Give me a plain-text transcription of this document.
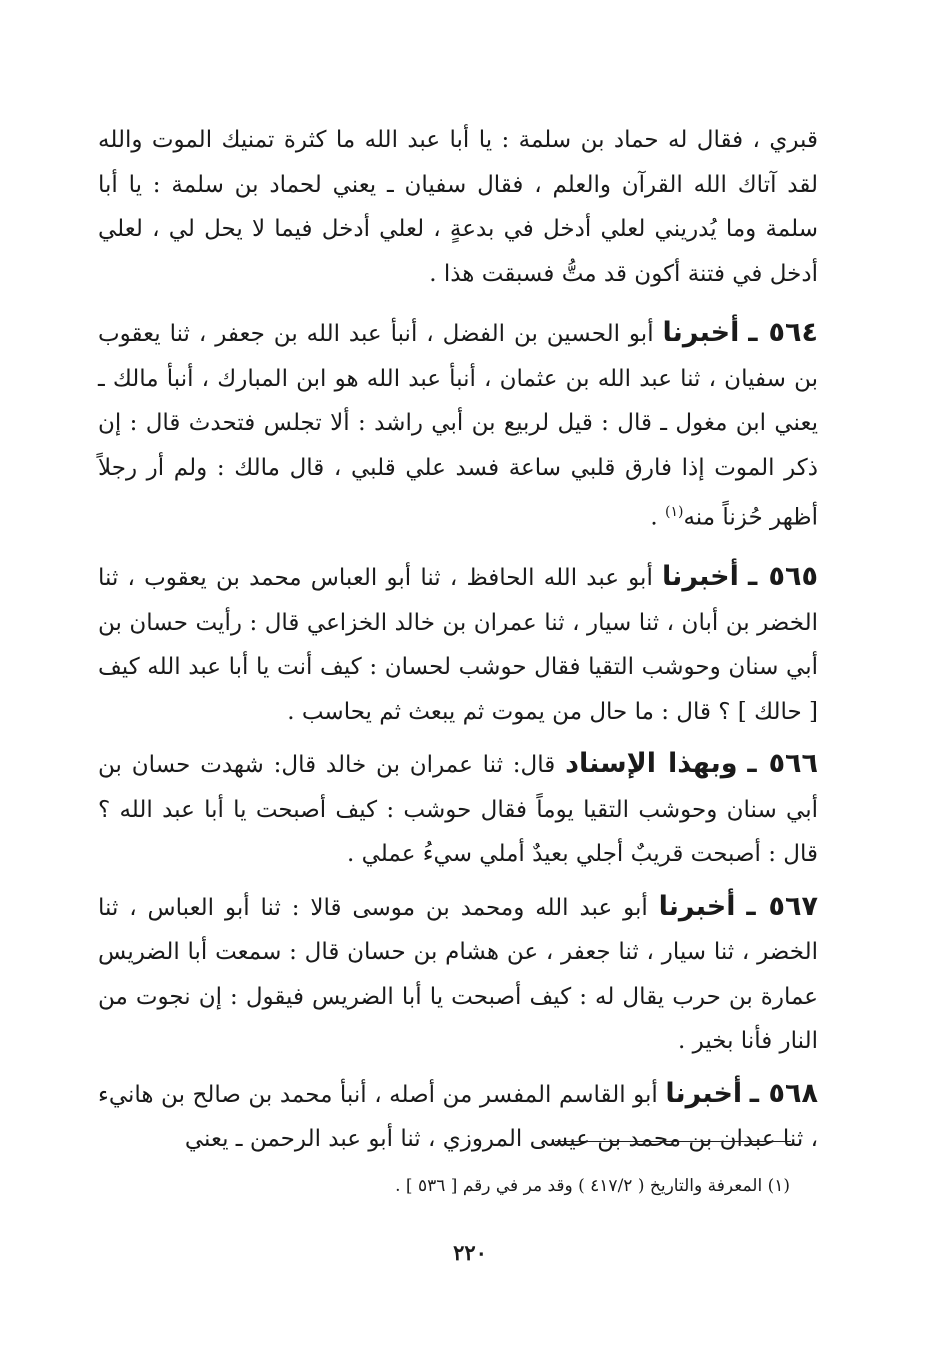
قبري ، فقال له حماد بن سلمة : يا أبا عبد الله ما كثرة تمنيك الموت والله لقد آتاك الله القرآن والعلم ، فقال سفيان ـ يعني لحماد بن سلمة : يا أبا سلمة وما يُدريني لعلي أدخل في بدعةٍ ، لعلي أدخل فيما لا يحل لي ، لعلي أدخل في فتنة أكون قد متُّ فسبقت هذا .

٥٦٤ ـ أخبرنا أبو الحسين بن الفضل ، أنبأ عبد الله بن جعفر ، ثنا يعقوب بن سفيان ، ثنا عبد الله بن عثمان ، أنبأ عبد الله هو ابن المبارك ، أنبأ مالك ـ يعني ابن مغول ـ قال : قيل لربيع بن أبي راشد : ألا تجلس فتحدث قال : إن ذكر الموت إذا فارق قلبي ساعة فسد علي قلبي ، قال مالك : ولم أر رجلاً أظهر حُزناً منه$^{(١)}$ .

٥٦٥ ـ أخبرنا أبو عبد الله الحافظ ، ثنا أبو العباس محمد بن يعقوب ، ثنا الخضر بن أبان ، ثنا سيار ، ثنا عمران بن خالد الخزاعي قال : رأيت حسان بن أبي سنان وحوشب التقيا فقال حوشب لحسان : كيف أنت يا أبا عبد الله كيف [ حالك ] ؟ قال : ما حال من يموت ثم يبعث ثم يحاسب .

٥٦٦ ـ وبهذا الإسناد قال: ثنا عمران بن خالد قال: شهدت حسان بن أبي سنان وحوشب التقيا يوماً فقال حوشب : كيف أصبحت يا أبا عبد الله ؟ قال : أصبحت قريبٌ أجلي بعيدٌ أملي سيءُ عملي .

٥٦٧ ـ أخبرنا أبو عبد الله ومحمد بن موسى قالا : ثنا أبو العباس ، ثنا الخضر ، ثنا سيار ، ثنا جعفر ، عن هشام بن حسان قال : سمعت أبا الضريس عمارة بن حرب يقال له : كيف أصبحت يا أبا الضريس فيقول : إن نجوت من النار فأنا بخير .

٥٦٨ ـ أخبرنا أبو القاسم المفسر من أصله ، أنبأ محمد بن صالح بن هانيء ، ثنا عبدان بن محمد بن عيسى المروزي ، ثنا أبو عبد الرحمن ـ يعني

(١) المعرفة والتاريخ ( ٤١٧/٢ ) وقد مر في رقم [ ٥٣٦ ] .
٢٢٠
